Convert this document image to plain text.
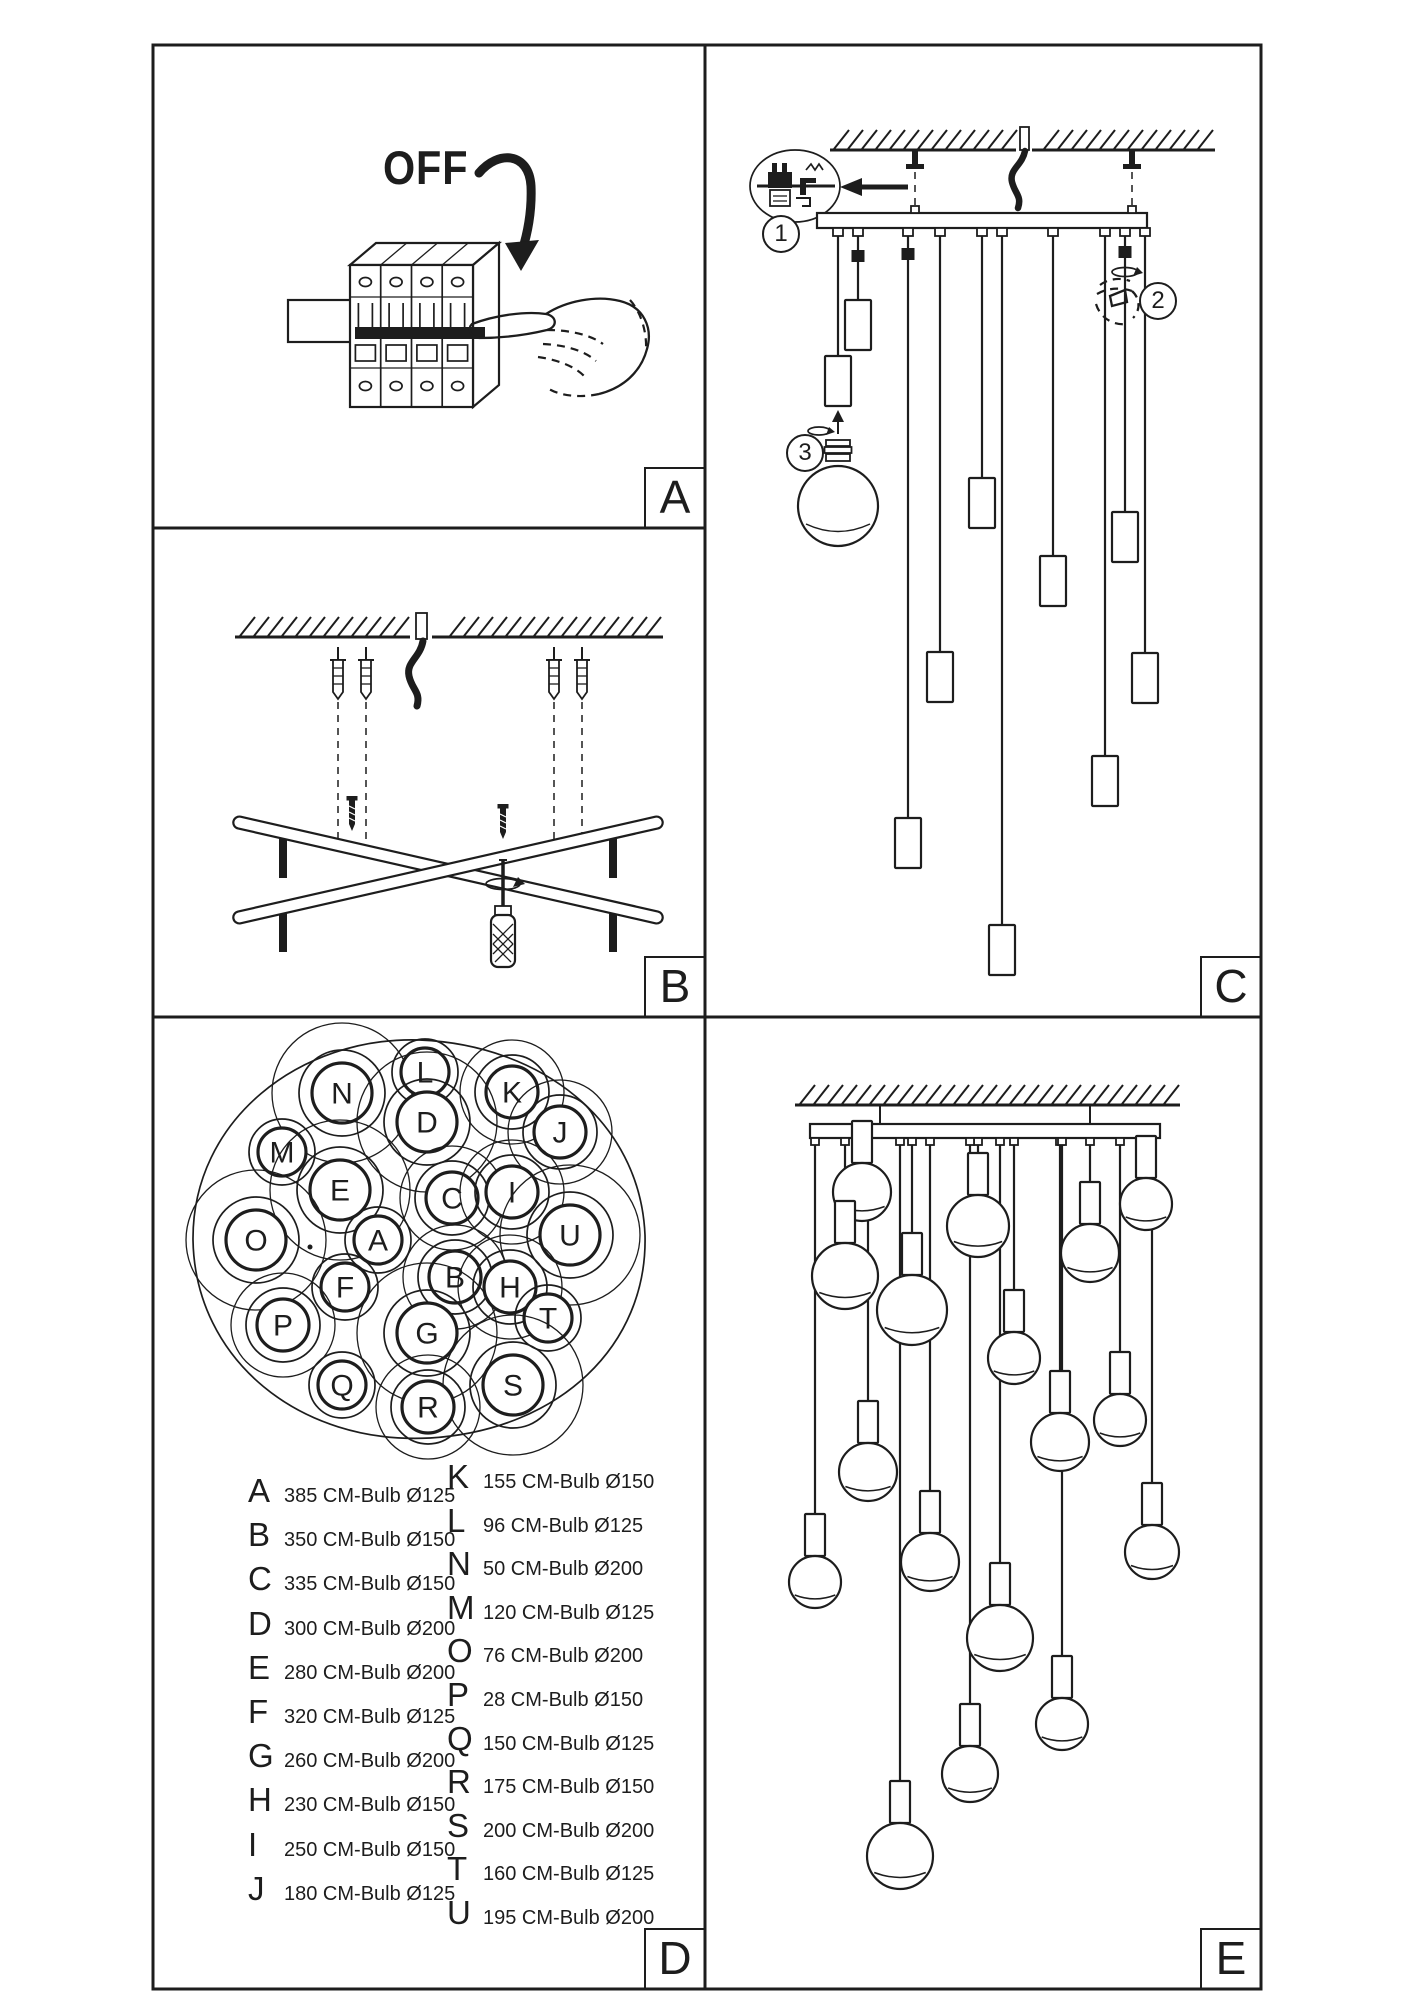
N
L
K
D
M
J
E	C I
O	A	U
F	B H
P	G	T
Q	S
R
OFF
A
B	C
D	E
1
2
3
A 385 CM-Bulb Ø125
B 350 CM-Bulb Ø150
C 335 CM-Bulb Ø150
D 300 CM-Bulb Ø200
E 280 CM-Bulb Ø200
F 320 CM-Bulb Ø125
G 260 CM-Bulb Ø200
H 230 CM-Bulb Ø150
I	250 CM-Bulb Ø150
J 180 CM-Bulb Ø125
K 155 CM-Bulb Ø150
L 96 CM-Bulb Ø125
N 50 CM-Bulb Ø200
M 120 CM-Bulb Ø125
O 76 CM-Bulb Ø200
P 28 CM-Bulb Ø150
Q 150 CM-Bulb Ø125
R 175 CM-Bulb Ø150
S 200 CM-Bulb Ø200
T 160 CM-Bulb Ø125
U 195 CM-Bulb Ø200
